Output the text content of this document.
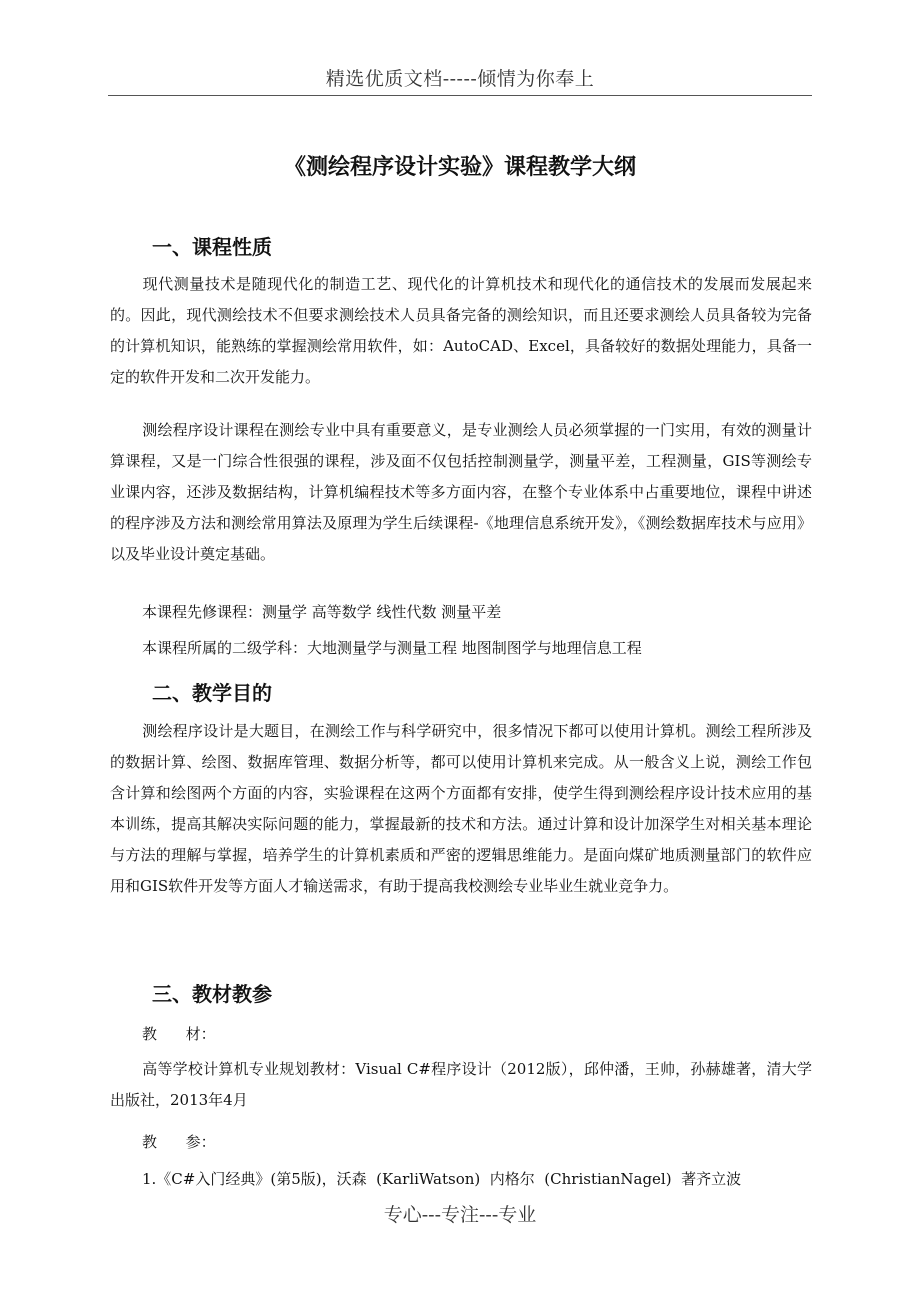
精选优质文档-----倾情为你奉上
《测绘程序设计实验》课程教学大纲
一、课程性质
现代测量技术是随现代化的制造工艺、现代化的计算机技术和现代化的通信技术的发展而发展起来的。因此，现代测绘技术不但要求测绘技术人员具备完备的测绘知识，而且还要求测绘人员具备较为完备的计算机知识，能熟练的掌握测绘常用软件，如：AutoCAD、Excel，具备较好的数据处理能力，具备一定的软件开发和二次开发能力。
测绘程序设计课程在测绘专业中具有重要意义，是专业测绘人员必须掌握的一门实用，有效的测量计算课程，又是一门综合性很强的课程，涉及面不仅包括控制测量学，测量平差，工程测量，GIS等测绘专业课内容，还涉及数据结构，计算机编程技术等多方面内容，在整个专业体系中占重要地位，课程中讲述的程序涉及方法和测绘常用算法及原理为学生后续课程-《地理信息系统开发》，《测绘数据库技术与应用》以及毕业设计奠定基础。
本课程先修课程：测量学 高等数学 线性代数 测量平差
本课程所属的二级学科：大地测量学与测量工程 地图制图学与地理信息工程
二、教学目的
测绘程序设计是大题目，在测绘工作与科学研究中，很多情况下都可以使用计算机。测绘工程所涉及的数据计算、绘图、数据库管理、数据分析等，都可以使用计算机来完成。从一般含义上说，测绘工作包含计算和绘图两个方面的内容，实验课程在这两个方面都有安排，使学生得到测绘程序设计技术应用的基本训练，提高其解决实际问题的能力，掌握最新的技术和方法。通过计算和设计加深学生对相关基本理论与方法的理解与掌握，培养学生的计算机素质和严密的逻辑思维能力。是面向煤矿地质测量部门的软件应用和GIS软件开发等方面人才输送需求，有助于提高我校测绘专业毕业生就业竞争力。
三、教材教参
教      材：
高等学校计算机专业规划教材：Visual C#程序设计（2012版），邱仲潘，王帅，孙赫雄著，清大学出版社，2013年4月
教      参：
1.《C#入门经典》(第5版)，沃森  (KarliWatson)  内格尔  (ChristianNagel)  著齐立波
专心---专注---专业
